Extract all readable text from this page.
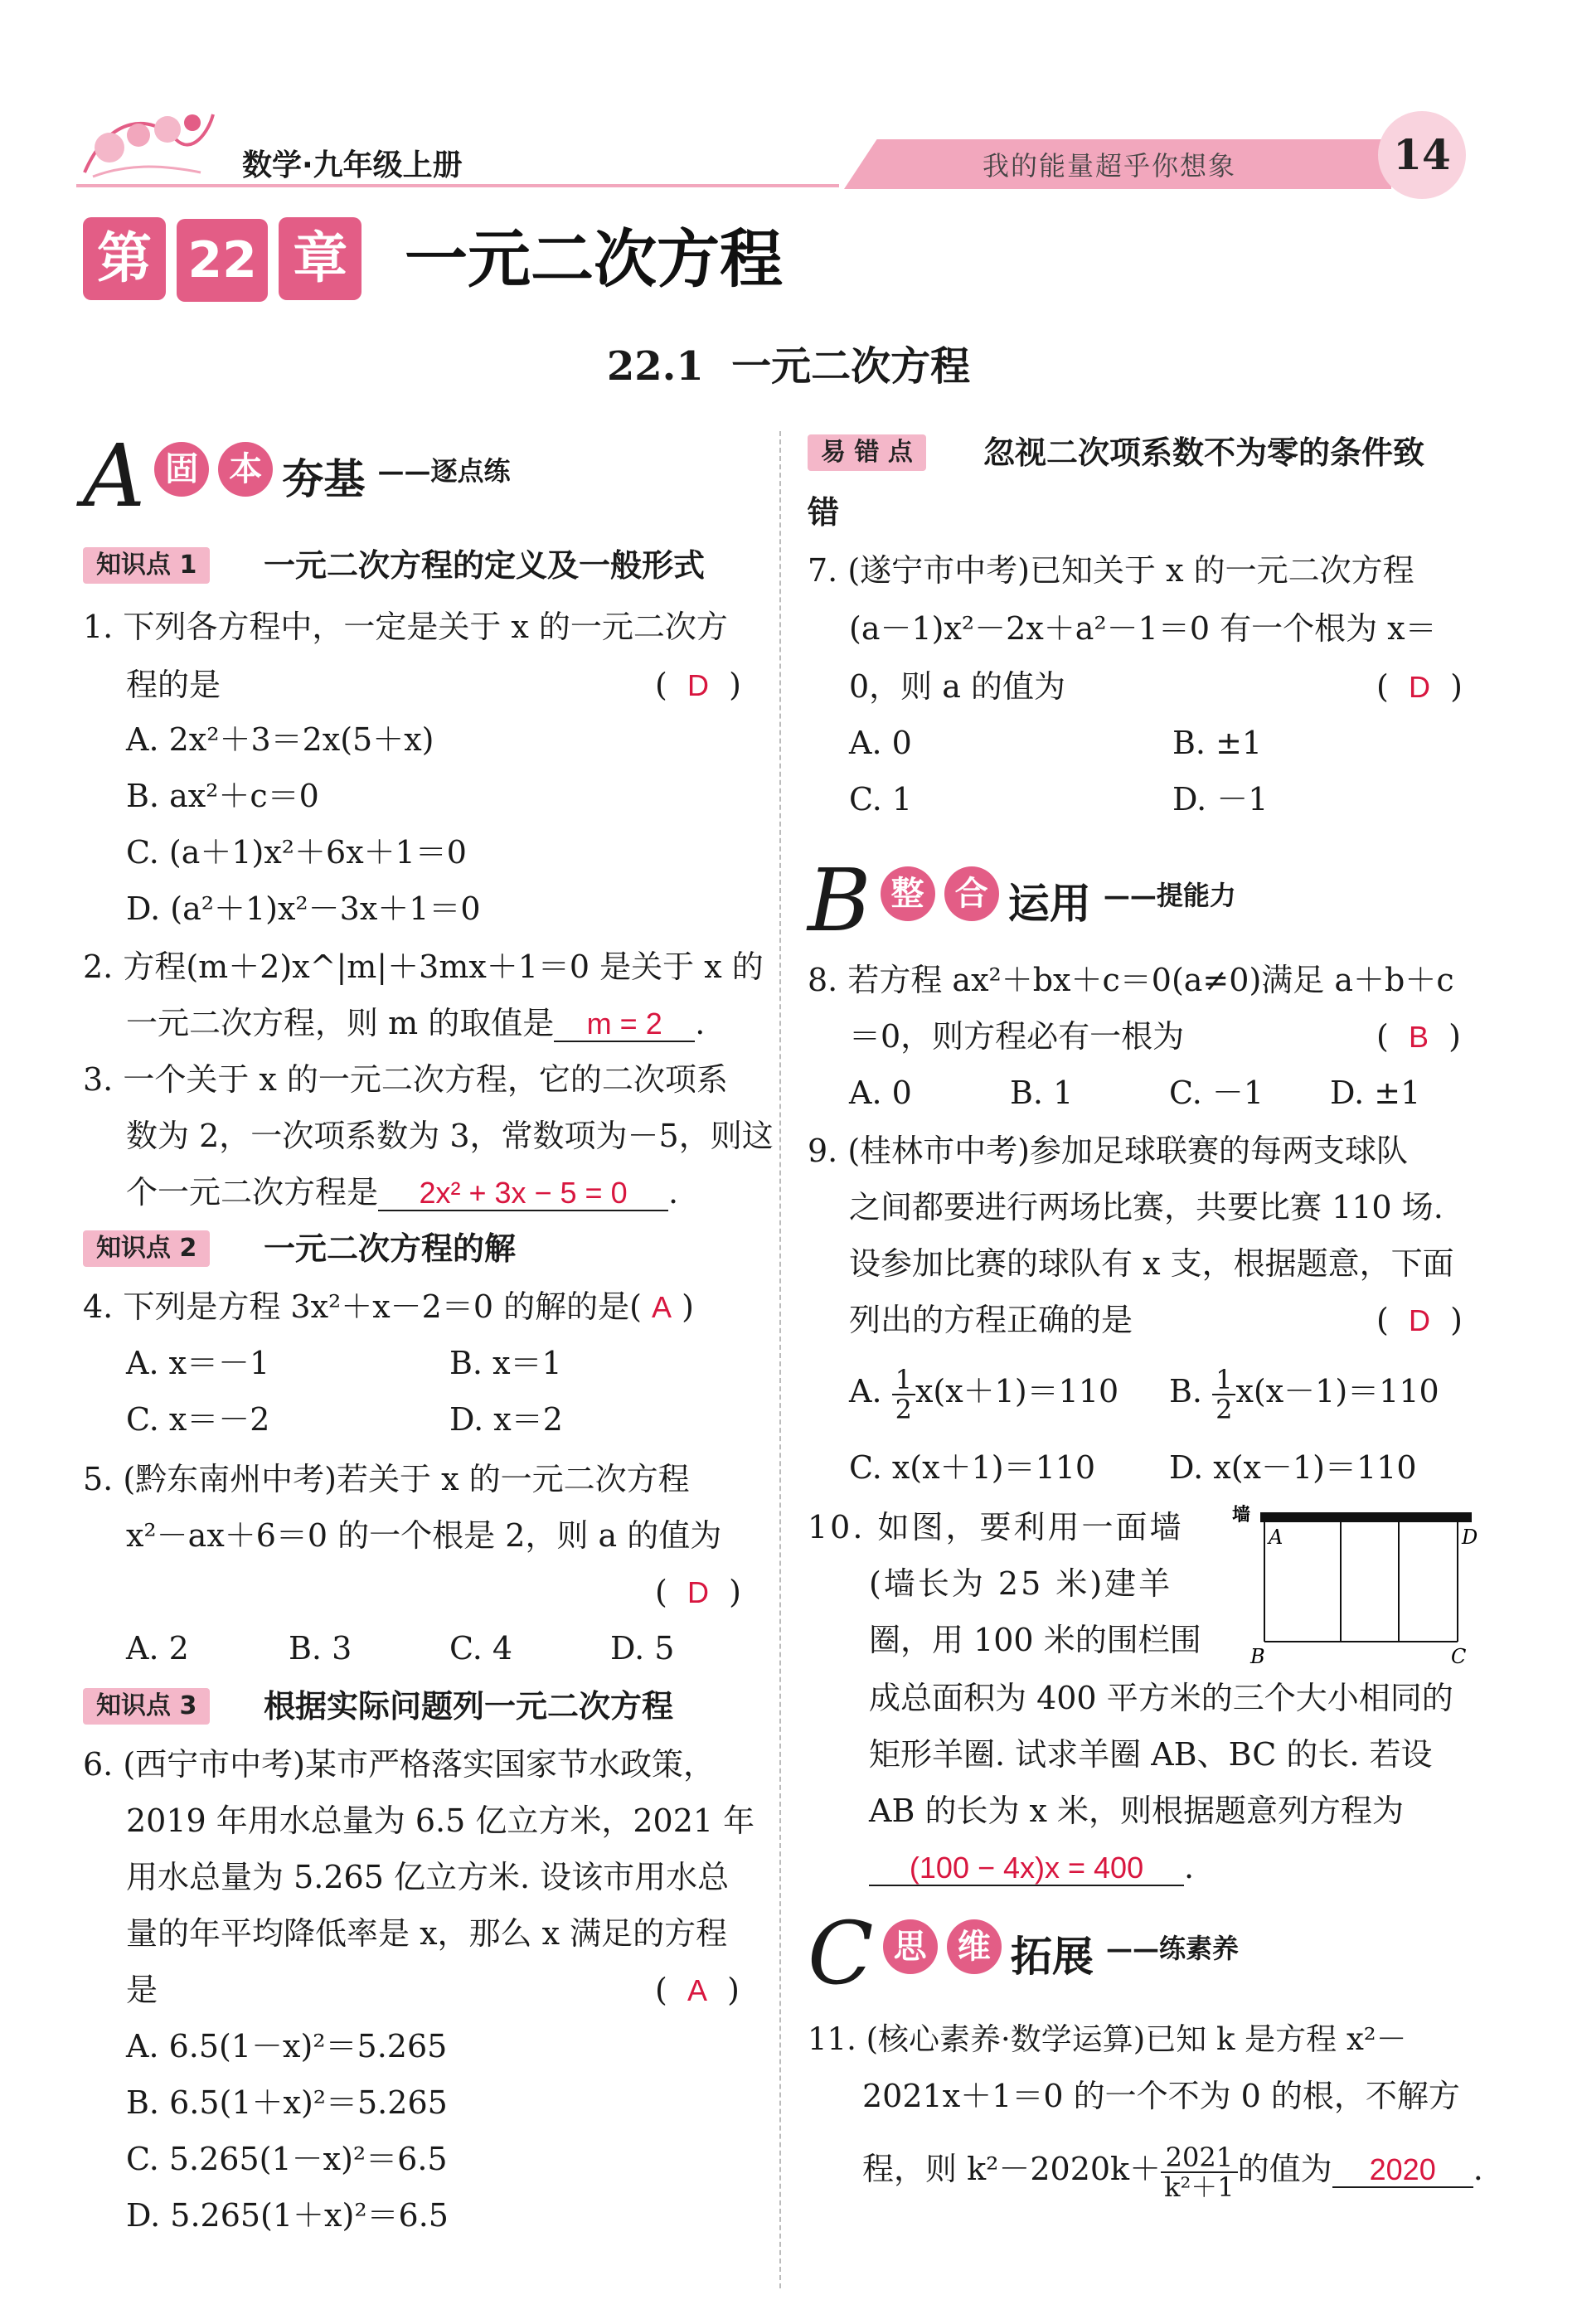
数学·九年级上册	我的能量超乎你想象	14
第 22 章 一元二次方程
22.1  一元二次方程
A 固 本 夯基 ——逐点练
知识点 1	一元二次方程的定义及一般形式
1. 下列各方程中，一定是关于 x 的一元二次方
程的是	(  D  )
A. 2x²＋3＝2x(5＋x)
B. ax²＋c＝0
C. (a＋1)x²＋6x＋1＝0
D. (a²＋1)x²－3x＋1＝0
2. 方程(m＋2)x^|m|＋3mx＋1＝0 是关于 x 的
一元二次方程，则 m 的取值是 m = 2 .
3. 一个关于 x 的一元二次方程，它的二次项系
数为 2，一次项系数为 3，常数项为－5，则这
个一元二次方程是 2x² + 3x − 5 = 0 .
知识点 2	一元二次方程的解
4. 下列是方程 3x²＋x－2＝0 的解的是( A )
A. x＝－1	B. x＝1
C. x＝－2	D. x＝2
5. (黔东南州中考)若关于 x 的一元二次方程
x²－ax＋6＝0 的一个根是 2，则 a 的值为
(  D  )
A. 2	B. 3	C. 4	D. 5
知识点 3	根据实际问题列一元二次方程
6. (西宁市中考)某市严格落实国家节水政策，
2019 年用水总量为 6.5 亿立方米，2021 年
用水总量为 5.265 亿立方米. 设该市用水总
量的年平均降低率是 x，那么 x 满足的方程
是	(  A  )
A. 6.5(1－x)²＝5.265
B. 6.5(1＋x)²＝5.265
C. 5.265(1－x)²＝6.5
D. 5.265(1＋x)²＝6.5
易 错 点	忽视二次项系数不为零的条件致
错
7. (遂宁市中考)已知关于 x 的一元二次方程
(a－1)x²－2x＋a²－1＝0 有一个根为 x＝
0，则 a 的值为	(  D  )
A. 0	B. ±1
C. 1	D. －1
B 整 合 运用 ——提能力
8. 若方程 ax²＋bx＋c＝0(a≠0)满足 a＋b＋c
＝0，则方程必有一根为	(  B  )
A. 0	B. 1	C. －1 D. ±1
9. (桂林市中考)参加足球联赛的每两支球队
之间都要进行两场比赛，共要比赛 110 场.
设参加比赛的球队有 x 支，根据题意，下面
列出的方程正确的是	(  D  )
A. $\frac{1}{2} x(x+1)=110$ B. $\frac{1}{2} x(x-1)=110$
C. x(x＋1)＝110 D. x(x－1)＝110
10. 如图，要利用一面墙
(墙长为 25 米)建羊
圈，用 100 米的围栏围
墙
A	D
B	C
成总面积为 400 平方米的三个大小相同的
矩形羊圈. 试求羊圈 AB、BC 的长. 若设
AB 的长为 x 米，则根据题意列方程为
(100 − 4x)x = 400 .
C 思 维 拓展 ——练素养
11. (核心素养·数学运算)已知 k 是方程 x²－
2021x＋1＝0 的一个不为 0 的根，不解方
程，则 $k^2-2020k+ \frac{2021}{\text{k²＋1}}$ 的值为 2020 .
